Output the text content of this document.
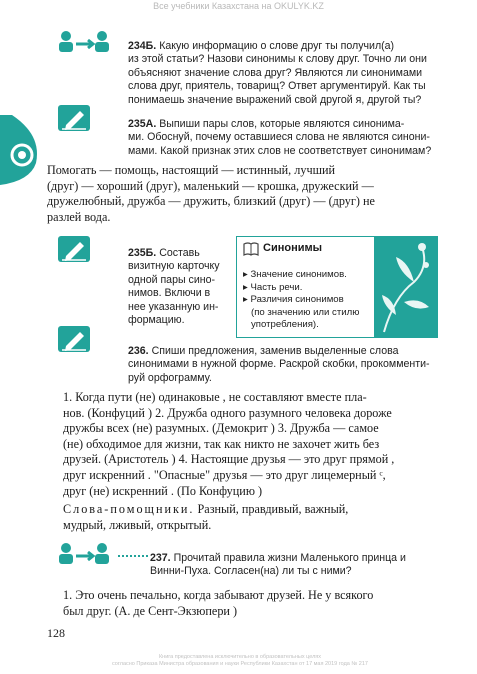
Все учебники Казахстана на OKULYK.KZ
234Б. Какую информацию о слове друг ты получил(а)
из этой статьи? Назови синонимы к слову друг. Точно ли они
объясняют значение слова друг? Являются ли синонимами
слова друг, приятель, товарищ? Ответ аргументируй. Как ты
понимаешь значение выражений свой другой я, другой ты?
235А. Выпиши пары слов, которые являются синонима-
ми. Обоснуй, почему оставшиеся слова не являются синони-
мами. Какой признак этих слов не соответствует синонимам?
Помогать — помощь, настоящий — истинный, лучший
(друг) — хороший (друг), маленький — крошка, дружеский —
дружелюбный, дружба — дружить, близкий (друг) — (друг) не
разлей вода.
235Б. Составь
визитную карточку
одной пары сино-
нимов. Включи в
нее указанную ин-
формацию.
Синонимы
▸ Значение синонимов.
▸ Часть речи.
▸ Различия синонимов
(по значению или стилю
употребления).
236. Спиши предложения, заменив выделенные слова
синонимами в нужной форме. Раскрой скобки, прокомменти-
руй орфограмму.
1. Когда пути (не) одинаковые , не составляют вместе пла-
нов. (Конфуций ) 2. Дружба одного разумного человека дороже
дружбы всех (не) разумных. (Демокрит ) 3. Дружба — самое
(не) обходимое для жизни, так как никто не захочет жить без
друзей. (Аристотель ) 4. Настоящие друзья — это друг прямой ,
друг искренний . "Опасные" друзья — это друг лицемерный ᶜ,
друг (не) искренний . (По Конфуцию )
Слова-помощники. Разный, правдивый, важный,
мудрый, лживый, открытый.
237. Прочитай правила жизни Маленького принца и
Винни-Пуха. Согласен(на) ли ты с ними?
1. Это очень печально, когда забывают друзей. Не у всякого
был друг. (А. де Сент-Экзюпери )
128
Книга предоставлена исключительно в образовательных целях
согласно Приказа Министра образования и науки Республики Казахстан от 17 мая 2019 года № 217
